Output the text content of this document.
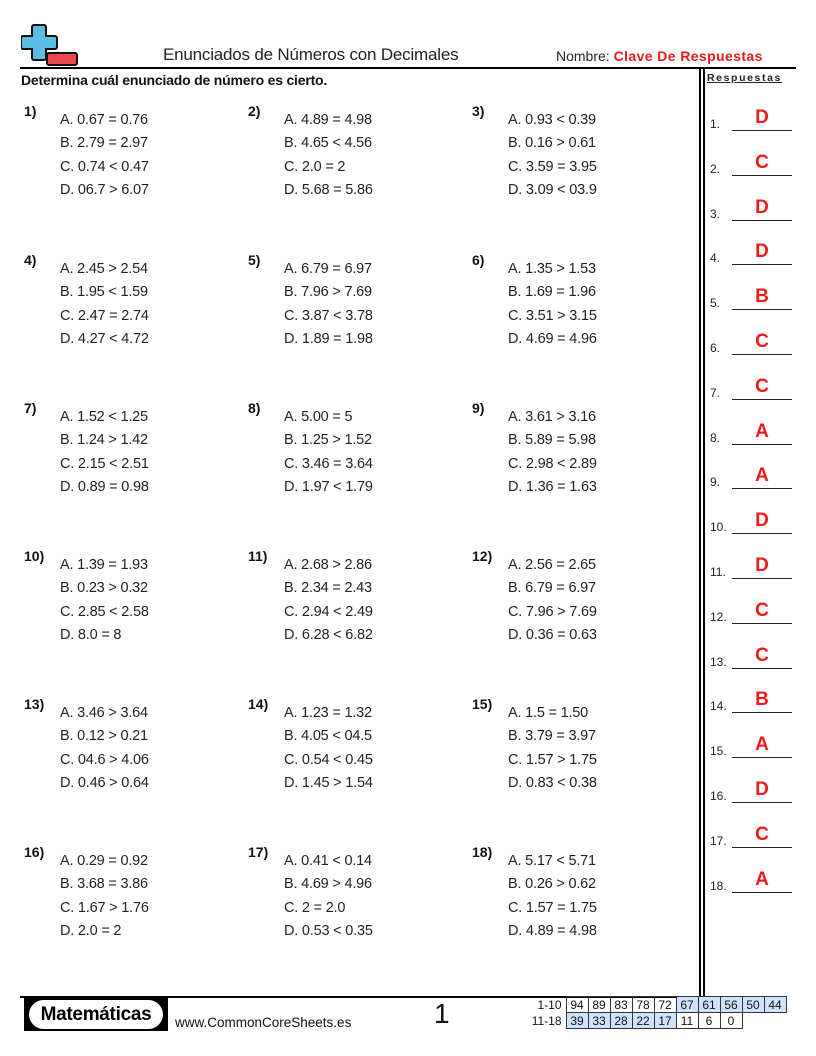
Enunciados de Números con Decimales	Nombre: Clave De Respuestas
Determina cuál enunciado de número es cierto.
1)
A. 0.67 = 0.76
B. 2.79 = 2.97
C. 0.74 < 0.47
D. 06.7 > 6.07
2)
A. 4.89 = 4.98
B. 4.65 < 4.56
C. 2.0 = 2
D. 5.68 = 5.86
3)
A. 0.93 < 0.39
B. 0.16 > 0.61
C. 3.59 = 3.95
D. 3.09 < 03.9
4)
A. 2.45 > 2.54
B. 1.95 < 1.59
C. 2.47 = 2.74
D. 4.27 < 4.72
5)
A. 6.79 = 6.97
B. 7.96 > 7.69
C. 3.87 < 3.78
D. 1.89 = 1.98
6)
A. 1.35 > 1.53
B. 1.69 = 1.96
C. 3.51 > 3.15
D. 4.69 = 4.96
7)
A. 1.52 < 1.25
B. 1.24 > 1.42
C. 2.15 < 2.51
D. 0.89 = 0.98
8)
A. 5.00 = 5
B. 1.25 > 1.52
C. 3.46 = 3.64
D. 1.97 < 1.79
9)
A. 3.61 > 3.16
B. 5.89 = 5.98
C. 2.98 < 2.89
D. 1.36 = 1.63
10)
A. 1.39 = 1.93
B. 0.23 > 0.32
C. 2.85 < 2.58
D. 8.0 = 8
11)
A. 2.68 > 2.86
B. 2.34 = 2.43
C. 2.94 < 2.49
D. 6.28 < 6.82
12)
A. 2.56 = 2.65
B. 6.79 = 6.97
C. 7.96 > 7.69
D. 0.36 = 0.63
13)
A. 3.46 > 3.64
B. 0.12 > 0.21
C. 04.6 > 4.06
D. 0.46 > 0.64
14)
A. 1.23 = 1.32
B. 4.05 < 04.5
C. 0.54 < 0.45
D. 1.45 > 1.54
15)
A. 1.5 = 1.50
B. 3.79 = 3.97
C. 1.57 > 1.75
D. 0.83 < 0.38
16)
A. 0.29 = 0.92
B. 3.68 = 3.86
C. 1.67 > 1.76
D. 2.0 = 2
17)
A. 0.41 < 0.14
B. 4.69 > 4.96
C. 2 = 2.0
D. 0.53 < 0.35
18)
A. 5.17 < 5.71
B. 0.26 > 0.62
C. 1.57 = 1.75
D. 4.89 = 4.98
Respuestas
1.	D
2.	C
3.	D
4.	D
5.	B
6.	C
7.	C
8.	A
9.	A
10.	D
11.	D
12.	C
13.	C
14.	B
15.	A
16.	D
17.	C
18.	A
Matemáticas	www.CommonCoreSheets.es	1	1-10	94	89	83	78	72	67	61	56	50	44
11-18	39	33	28	22	17	11	6	0		
